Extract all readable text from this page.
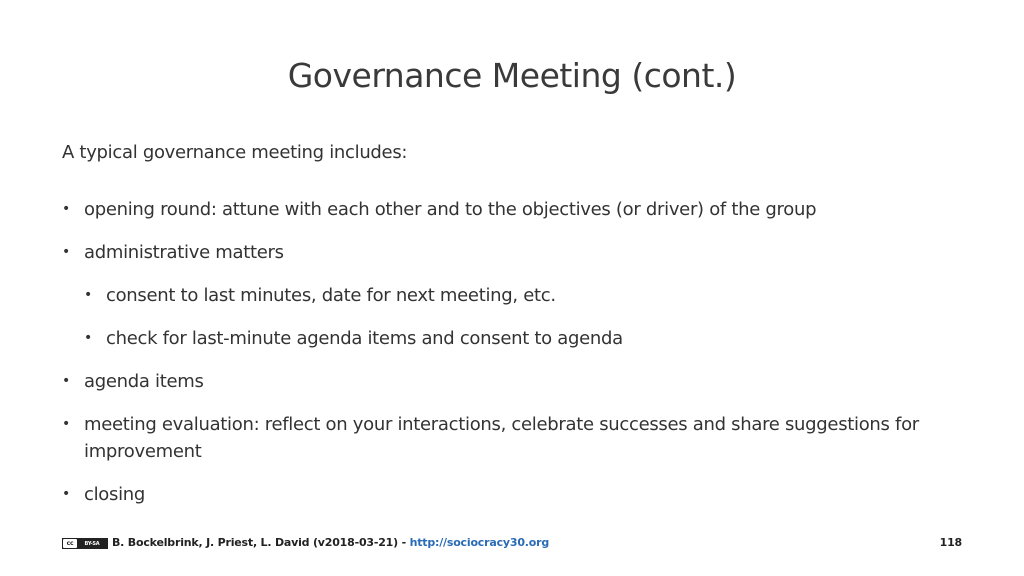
Governance Meeting (cont.)
A typical governance meeting includes:
• opening round: attune with each other and to the objectives (or driver) of the group
• administrative matters
• consent to last minutes, date for next meeting, etc.
• check for last-minute agenda items and consent to agenda
• agenda items
• meeting evaluation: reflect on your interactions, celebrate successes and share suggestions for improvement
• closing
cc	BY-SA	B. Bockelbrink, J. Priest, L. David (v2018-03-21) - http://sociocracy30.org	118
